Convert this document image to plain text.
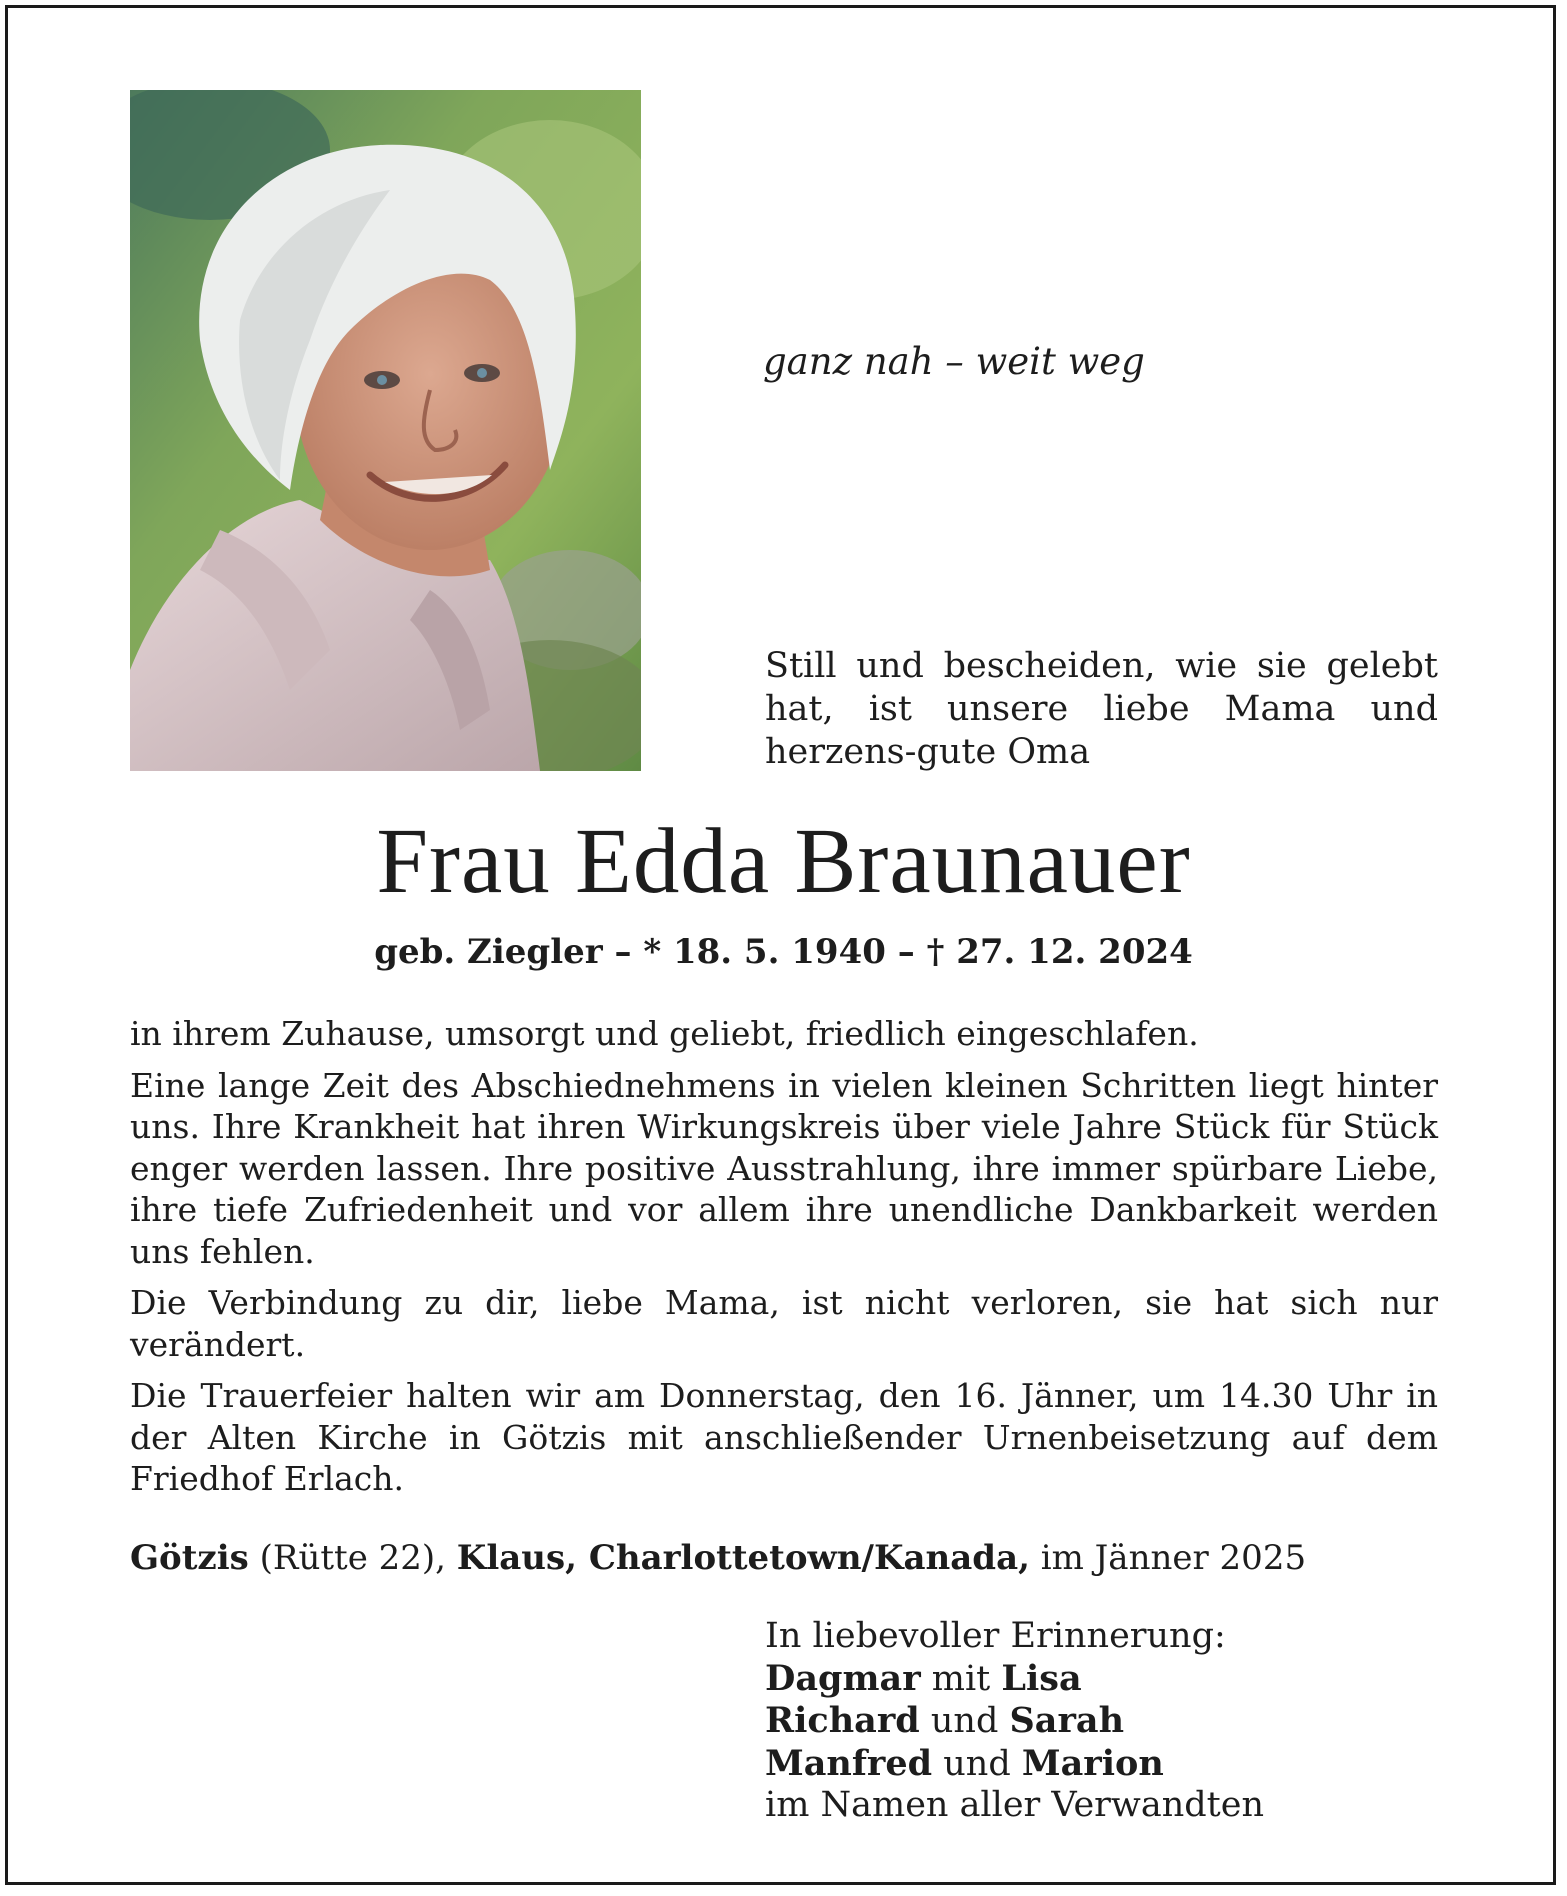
ganz nah – weit weg
Still und bescheiden, wie sie gelebt hat, ist unsere liebe Mama und herzens-gute Oma
Frau Edda Braunauer
geb. Ziegler – * 18. 5. 1940 – † 27. 12. 2024

in ihrem Zuhause, umsorgt und geliebt, friedlich eingeschlafen.

Eine lange Zeit des Abschiednehmens in vielen kleinen Schritten liegt hinter uns. Ihre Krankheit hat ihren Wirkungskreis über viele Jahre Stück für Stück enger werden lassen. Ihre positive Ausstrahlung, ihre immer spürbare Liebe, ihre tiefe Zufriedenheit und vor allem ihre unendliche Dankbarkeit werden uns fehlen.

Die Verbindung zu dir, liebe Mama, ist nicht verloren, sie hat sich nur verändert.

Die Trauerfeier halten wir am Donnerstag, den 16. Jänner, um 14.30 Uhr in der Alten Kirche in Götzis mit anschließender Urnenbeisetzung auf dem Friedhof Erlach.

Götzis (Rütte 22), Klaus, Charlottetown/Kanada, im Jänner 2025
In liebevoller Erinnerung:
Dagmar mit Lisa
Richard und Sarah
Manfred und Marion
im Namen aller Verwandten
